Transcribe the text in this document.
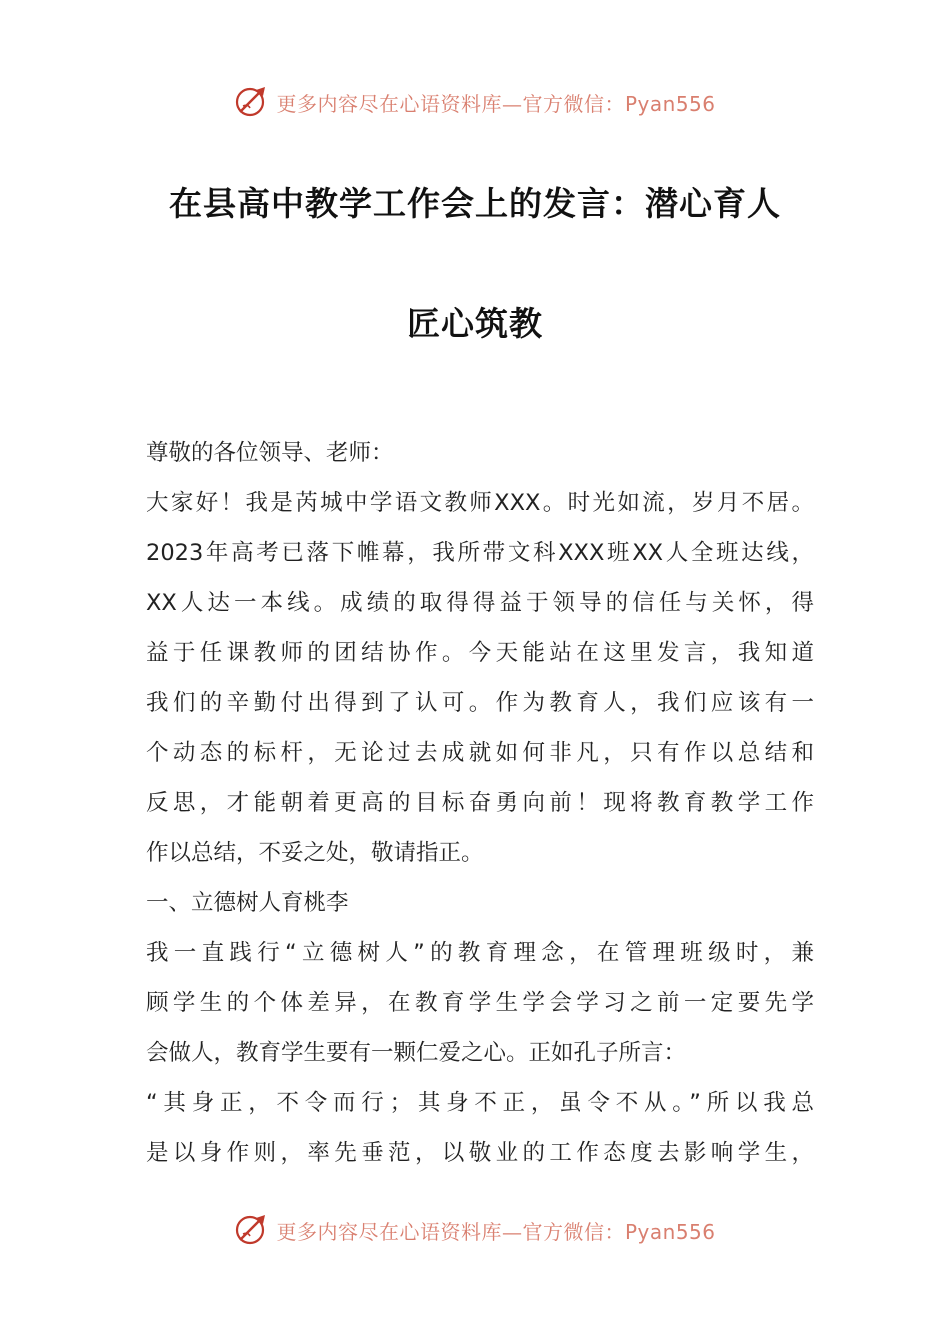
更多内容尽在心语资料库—官方微信：Pyan556
在县高中教学工作会上的发言：潜心育人
匠心筑教
尊敬的各位领导、老师：
大家好！我是芮城中学语文教师XXX。时光如流，岁月不居。
2023年高考已落下帷幕，我所带文科XXX班XX人全班达线，
XX人达一本线。成绩的取得得益于领导的信任与关怀，得
益于任课教师的团结协作。今天能站在这里发言，我知道
我们的辛勤付出得到了认可。作为教育人，我们应该有一
个动态的标杆，无论过去成就如何非凡，只有作以总结和
反思，才能朝着更高的目标奋勇向前！现将教育教学工作
作以总结，不妥之处，敬请指正。
一、立德树人育桃李
我一直践行“立德树人”的教育理念，在管理班级时，兼
顾学生的个体差异，在教育学生学会学习之前一定要先学
会做人，教育学生要有一颗仁爱之心。正如孔子所言：
“其身正，不令而行；其身不正，虽令不从。”所以我总
是以身作则，率先垂范，以敬业的工作态度去影响学生，
更多内容尽在心语资料库—官方微信：Pyan556
